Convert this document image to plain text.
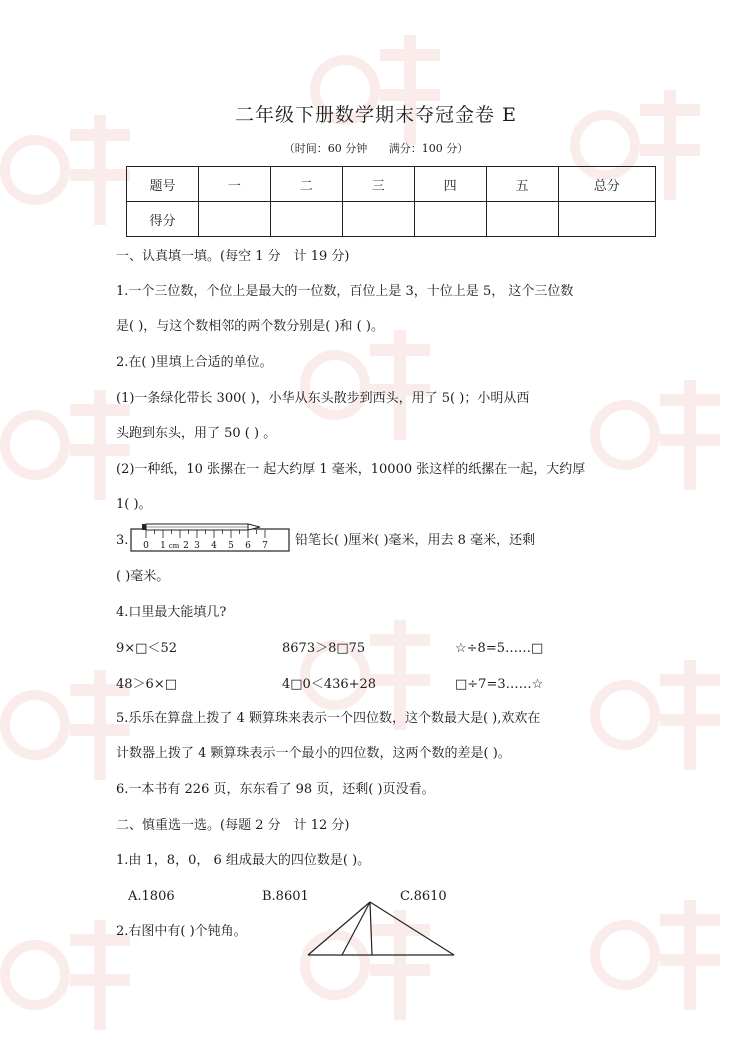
二年级下册数学期末夺冠金卷 E
（时间：60 分钟 满分：100 分）
题号	一	二	三	四	五	总分
得分						
一、认真填一填。(每空 1 分　计 19 分)
1.一个三位数，个位上是最大的一位数，百位上是 3，十位上是 5， 这个三位数
是( )，与这个数相邻的两个数分别是( )和 ( )。
2.在( )里填上合适的单位。
(1)一条绿化带长 300( )，小华从东头散步到西头，用了 5( )；小明从西
头跑到东头，用了 50 ( ) 。
(2)一种纸，10 张摞在一 起大约厚 1 毫米，10000 张这样的纸摞在一起，大约厚
1( )。
3. 0 1 cm 2 3 4 5 6 7 铅笔长( )厘米( )毫米，用去 8 毫米，还剩
( )毫米。
4.口里最大能填几?
9×□＜52	8673＞8□75	☆÷8=5……□
48＞6×□	4□0＜436+28	□÷7=3……☆
5.乐乐在算盘上拨了 4 颗算珠来表示一个四位数，这个数最大是( ),欢欢在
计数器上拨了 4 颗算珠表示一个最小的四位数，这两个数的差是( )。
6.一本书有 226 页，东东看了 98 页，还剩( )页没看。
二、慎重选一选。(每题 2 分　计 12 分)
1.由 1，8，0， 6 组成最大的四位数是( )。
A.1806	B.8601	C.8610
2.右图中有( )个钝角。
